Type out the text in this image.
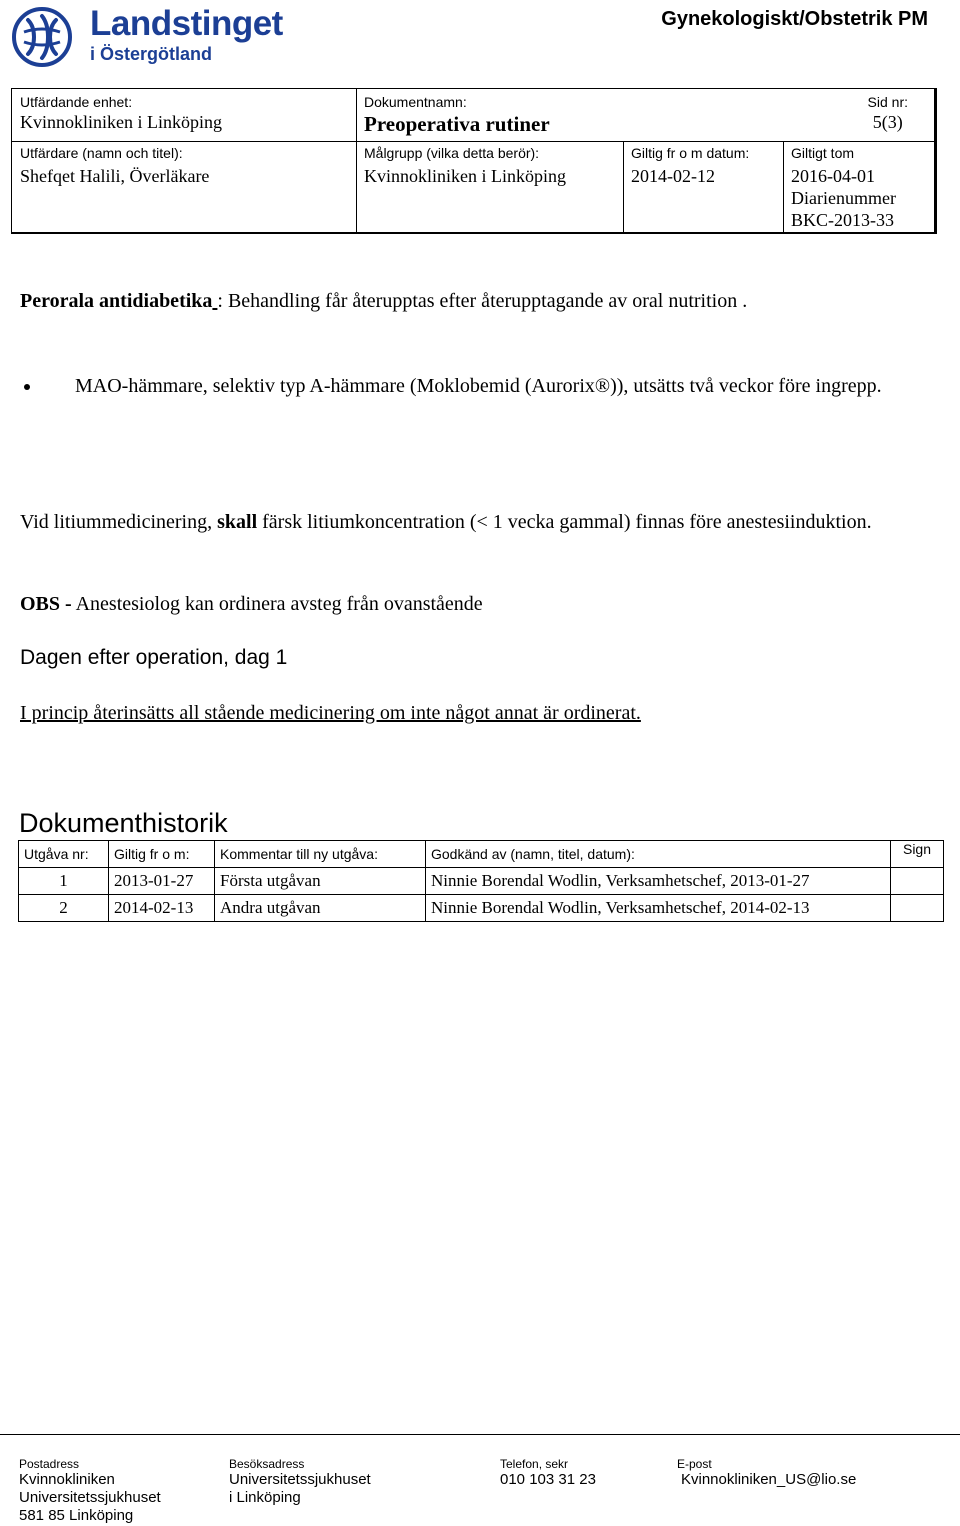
Landstinget
i Östergötland
Gynekologiskt/Obstetrik PM
Utfärdande enhet:
Kvinnokliniken i Linköping
Dokumentnamn:
Preoperativa rutiner
Sid nr:
5(3)
Utfärdare (namn och titel):
Shefqet Halili, Överläkare
Målgrupp (vilka detta berör):
Kvinnokliniken i Linköping
Giltig fr o m datum:
2014-02-12
Giltigt tom
2016-04-01
Diarienummer
BKC-2013-33
Perorala antidiabetika : Behandling får återupptas efter återupptagande av oral nutrition .
MAO-hämmare, selektiv typ A-hämmare (Moklobemid (Aurorix®)), utsätts två veckor före ingrepp.
Vid litiummedicinering, skall färsk litiumkoncentration (< 1 vecka gammal) finnas före anestesiinduktion.
OBS - Anestesiolog kan ordinera avsteg från ovanstående
Dagen efter operation, dag 1
I princip återinsätts all stående medicinering om inte något annat är ordinerat.
Dokumenthistorik
Utgåva nr:	Giltig fr o m:	Kommentar till ny utgåva:	Godkänd av (namn, titel, datum):	Sign
1	2013-01-27	Första utgåvan	Ninnie Borendal Wodlin, Verksamhetschef, 2013-01-27	
2	2014-02-13	Andra utgåvan	Ninnie Borendal Wodlin, Verksamhetschef, 2014-02-13	
Postadress
Kvinnokliniken
Universitetssjukhuset
581 85 Linköping
Besöksadress
Universitetssjukhuset
i Linköping
Telefon, sekr
010 103 31 23
E-post
Kvinnokliniken_US@lio.se
